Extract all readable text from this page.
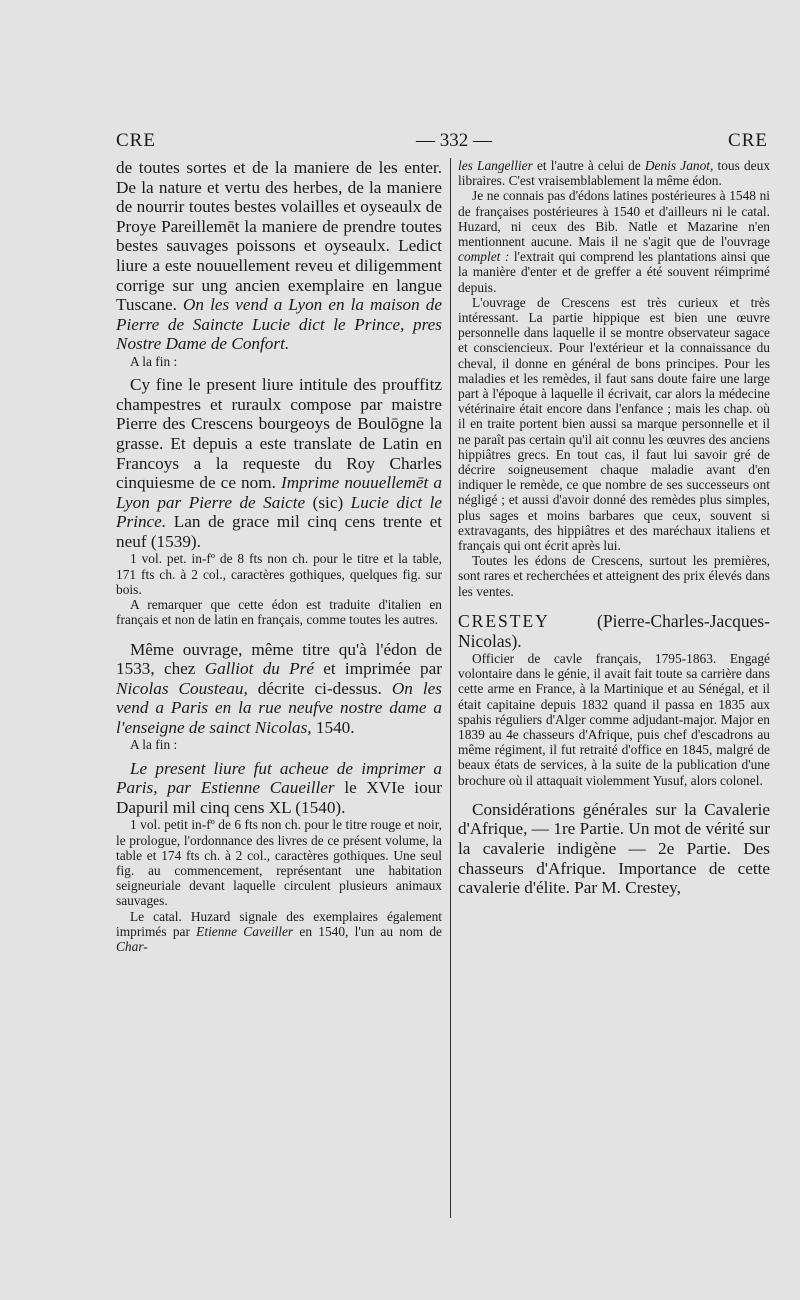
CRE	— 332 —	CRE

de toutes sortes et de la maniere de les enter. De la nature et vertu des herbes, de la maniere de nourrir toutes bestes volailles et oyseaulx de Proye Pareillemēt la maniere de prendre toutes bestes sauvages poissons et oyseaulx. Ledict liure a este nouuellement reveu et diligemment corrige sur ung ancien exemplaire en langue Tuscane. On les vend a Lyon en la maison de Pierre de Saincte Lucie dict le Prince, pres Nostre Dame de Confort.

A la fin :

Cy fine le present liure intitule des prouffitz champestres et ruraulx compose par maistre Pierre des Crescens bourgeoys de Boulōgne la grasse. Et depuis a este translate de Latin en Francoys a la requeste du Roy Charles cinquiesme de ce nom. Imprime nouuellemēt a Lyon par Pierre de Saicte (sic) Lucie dict le Prince. Lan de grace mil cinq cens trente et neuf (1539).

1 vol. pet. in-fº de 8 fts non ch. pour le titre et la table, 171 fts ch. à 2 col., caractères gothiques, quelques fig. sur bois.

A remarquer que cette édon est traduite d'italien en français et non de latin en français, comme toutes les autres.

Même ouvrage, même titre qu'à l'édon de 1533, chez Galliot du Pré et imprimée par Nicolas Cousteau, décrite ci-dessus. On les vend a Paris en la rue neufve nostre dame a l'enseigne de sainct Nicolas, 1540.

A la fin :

Le present liure fut acheue de imprimer a Paris, par Estienne Caueiller le XVIe iour Dapuril mil cinq cens XL (1540).

1 vol. petit in-fº de 6 fts non ch. pour le titre rouge et noir, le prologue, l'ordonnance des livres de ce présent volume, la table et 174 fts ch. à 2 col., caractères gothiques. Une seul fig. au commencement, représentant une habitation seigneuriale devant laquelle circulent plusieurs animaux sauvages.

Le catal. Huzard signale des exemplaires également imprimés par Etienne Caveiller en 1540, l'un au nom de Char-

les Langellier et l'autre à celui de Denis Janot, tous deux libraires. C'est vraisemblablement la même édon.

Je ne connais pas d'édons latines postérieures à 1548 ni de françaises postérieures à 1540 et d'ailleurs ni le catal. Huzard, ni ceux des Bib. Natle et Mazarine n'en mentionnent aucune. Mais il ne s'agit que de l'ouvrage complet : l'extrait qui comprend les plantations ainsi que la manière d'enter et de greffer a été souvent réimprimé depuis.

L'ouvrage de Crescens est très curieux et très intéressant. La partie hippique est bien une œuvre personnelle dans laquelle il se montre observateur sagace et consciencieux. Pour l'extérieur et la connaissance du cheval, il donne en général de bons principes. Pour les maladies et les remèdes, il faut sans doute faire une large part à l'époque à laquelle il écrivait, car alors la médecine vétérinaire était encore dans l'enfance ; mais les chap. où il en traite portent bien aussi sa marque personnelle et il ne paraît pas certain qu'il ait connu les œuvres des anciens hippiâtres grecs. En tout cas, il faut lui savoir gré de décrire soigneusement chaque maladie avant d'en indiquer le remède, ce que nombre de ses successeurs ont négligé ; et aussi d'avoir donné des remèdes plus simples, plus sages et moins barbares que ceux, souvent si extravagants, des hippiâtres et des maréchaux italiens et français qui ont écrit après lui.

Toutes les édons de Crescens, surtout les premières, sont rares et recherchées et atteignent des prix élevés dans les ventes.

CRESTEY	(Pierre-Charles-Jacques-Nicolas).

Officier de cavle français, 1795-1863. Engagé volontaire dans le génie, il avait fait toute sa carrière dans cette arme en France, à la Martinique et au Sénégal, et il était capitaine depuis 1832 quand il passa en 1835 aux spahis réguliers d'Alger comme adjudant-major. Major en 1839 au 4e chasseurs d'Afrique, puis chef d'escadrons au même régiment, il fut retraité d'office en 1845, malgré de beaux états de services, à la suite de la publication d'une brochure où il attaquait violemment Yusuf, alors colonel.

Considérations générales sur la Cavalerie d'Afrique, — 1re Partie. Un mot de vérité sur la cavalerie indigène — 2e Partie. Des chasseurs d'Afrique. Importance de cette cavalerie d'élite. Par M. Crestey,
